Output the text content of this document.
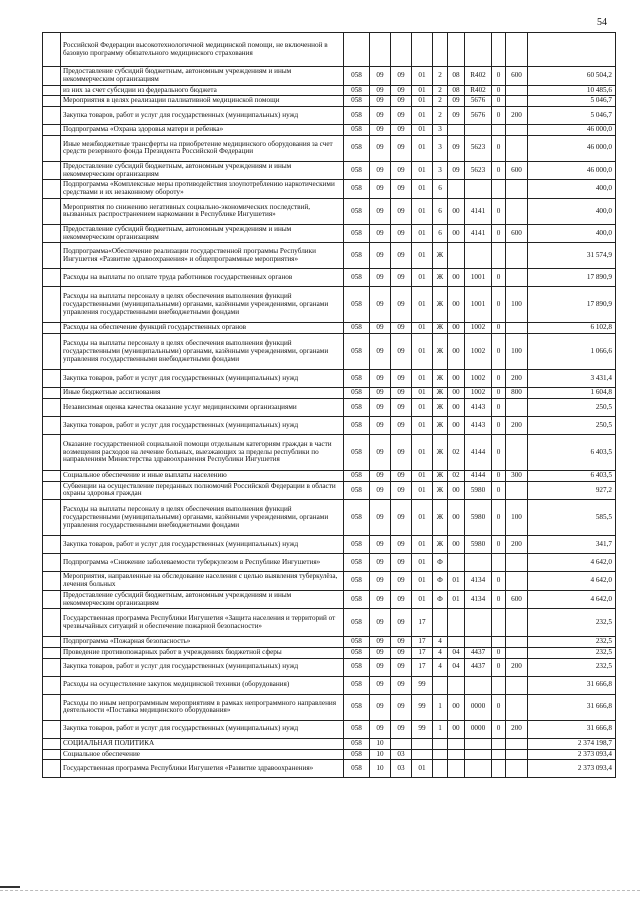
54
	Российской Федерации высокотехнологичной медицинской помощи, не включенной в базовую программу обязательного медицинского страхования										
	Предоставление субсидий бюджетным, автономным учреждениям и иным некоммерческим организациям	058	09	09	01	2	08	R402	0	600	60 504,2
	из них за счет субсидии из федерального бюджета	058	09	09	01	2	08	R402	0		10 485,6
	Мероприятия в целях реализации паллиативной медицинской помощи	058	09	09	01	2	09	5676	0		5 046,7
	Закупка товаров, работ и услуг для государственных (муниципальных) нужд	058	09	09	01	2	09	5676	0	200	5 046,7
	Подпрограмма «Охрана здоровья матери и ребенка»	058	09	09	01	3					46 000,0
	Иные межбюджетные трансферты на приобретение медицинского оборудования за счет средств резервного фонда Президента Российской Федерации	058	09	09	01	3	09	5623	0		46 000,0
	Предоставление субсидий бюджетным, автономным учреждениям и иным некоммерческим организациям	058	09	09	01	3	09	5623	0	600	46 000,0
	Подпрограмма «Комплексные меры противодействия злоупотреблению наркотическими средствами и их незаконному обороту»	058	09	09	01	6					400,0
	Мероприятия по снижению негативных социально-экономических последствий, вызванных распространением наркомании в Республике Ингушетия»	058	09	09	01	6	00	4141	0		400,0
	Предоставление субсидий бюджетным, автономным учреждениям и иным некоммерческим организациям	058	09	09	01	6	00	4141	0	600	400,0
	Подпрограмма«Обеспечение реализации государственной программы Республики Ингушетия «Развитие здравоохранения» и общепрограммные мероприятия»	058	09	09	01	Ж					31 574,9
	Расходы на выплаты по оплате труда работников государственных органов	058	09	09	01	Ж	00	1001	0		17 890,9
	Расходы на выплаты персоналу в целях обеспечения выполнения функций государственными (муниципальными) органами, казёнными учреждениями, органами управления государственными внебюджетными фондами	058	09	09	01	Ж	00	1001	0	100	17 890,9
	Расходы на обеспечение функций государственных органов	058	09	09	01	Ж	00	1002	0		6 102,8
	Расходы на выплаты персоналу в целях обеспечения выполнения функций государственными (муниципальными) органами, казёнными учреждениями, органами управления государственными внебюджетными фондами	058	09	09	01	Ж	00	1002	0	100	1 066,6
	Закупка товаров, работ и услуг для государственных (муниципальных) нужд	058	09	09	01	Ж	00	1002	0	200	3 431,4
	Иные бюджетные ассигнования	058	09	09	01	Ж	00	1002	0	800	1 604,8
	Независимая оценка качества оказание услуг медицинскими организациями	058	09	09	01	Ж	00	4143	0		250,5
	Закупка товаров, работ и услуг для государственных (муниципальных) нужд	058	09	09	01	Ж	00	4143	0	200	250,5
	Оказание государственной социальной помощи отдельным категориям граждан в части возмещения расходов на лечение больных, выезжающих за пределы республики по направлениям Министерства здравоохранения Республики Ингушетия	058	09	09	01	Ж	02	4144	0		6 403,5
	Социальное обеспечение и иные выплаты населению	058	09	09	01	Ж	02	4144	0	300	6 403,5
	Субвенции на осуществление переданных полномочий Российской Федерации в области охраны здоровья граждан	058	09	09	01	Ж	00	5980	0		927,2
	Расходы на выплаты персоналу в целях обеспечения выполнения функций государственными (муниципальными) органами, казёнными учреждениями, органами управления государственными внебюджетными фондами	058	09	09	01	Ж	00	5980	0	100	585,5
	Закупка товаров, работ и услуг для государственных (муниципальных) нужд	058	09	09	01	Ж	00	5980	0	200	341,7
	Подпрограмма «Снижение заболеваемости туберкулезом в Республике Ингушетия»	058	09	09	01	Ф					4 642,0
	Мероприятия, направленные на обследование населения с целью выявления туберкулёза, лечения больных	058	09	09	01	Ф	01	4134	0		4 642,0
	Предоставление субсидий бюджетным, автономным учреждениям и иным некоммерческим организациям	058	09	09	01	Ф	01	4134	0	600	4 642,0
	Государственная программа Республики Ингушетия «Защита населения и территорий от чрезвычайных ситуаций и обеспечение пожарной безопасности»	058	09	09	17						232,5
	Подпрограмма «Пожарная безопасность»	058	09	09	17	4					232,5
	Проведение противопожарных работ в учреждениях бюджетной сферы	058	09	09	17	4	04	4437	0		232,5
	Закупка товаров, работ и услуг для государственных (муниципальных) нужд	058	09	09	17	4	04	4437	0	200	232,5
	Расходы на осуществление закупок медицинской техники (оборудования)	058	09	09	99						31 666,8
	Расходы по иным непрограммным мероприятиям в рамках непрограммного направления деятельности «Поставка медицинского оборудования»	058	09	09	99	1	00	0000	0		31 666,8
	Закупка товаров, работ и услуг для государственных (муниципальных) нужд	058	09	09	99	1	00	0000	0	200	31 666,8
	СОЦИАЛЬНАЯ ПОЛИТИКА	058	10								2 374 198,7
	Социальное обеспечение	058	10	03							2 373 093,4
	Государственная программа Республики Ингушетия «Развитие здравоохранения»	058	10	03	01						2 373 093,4
